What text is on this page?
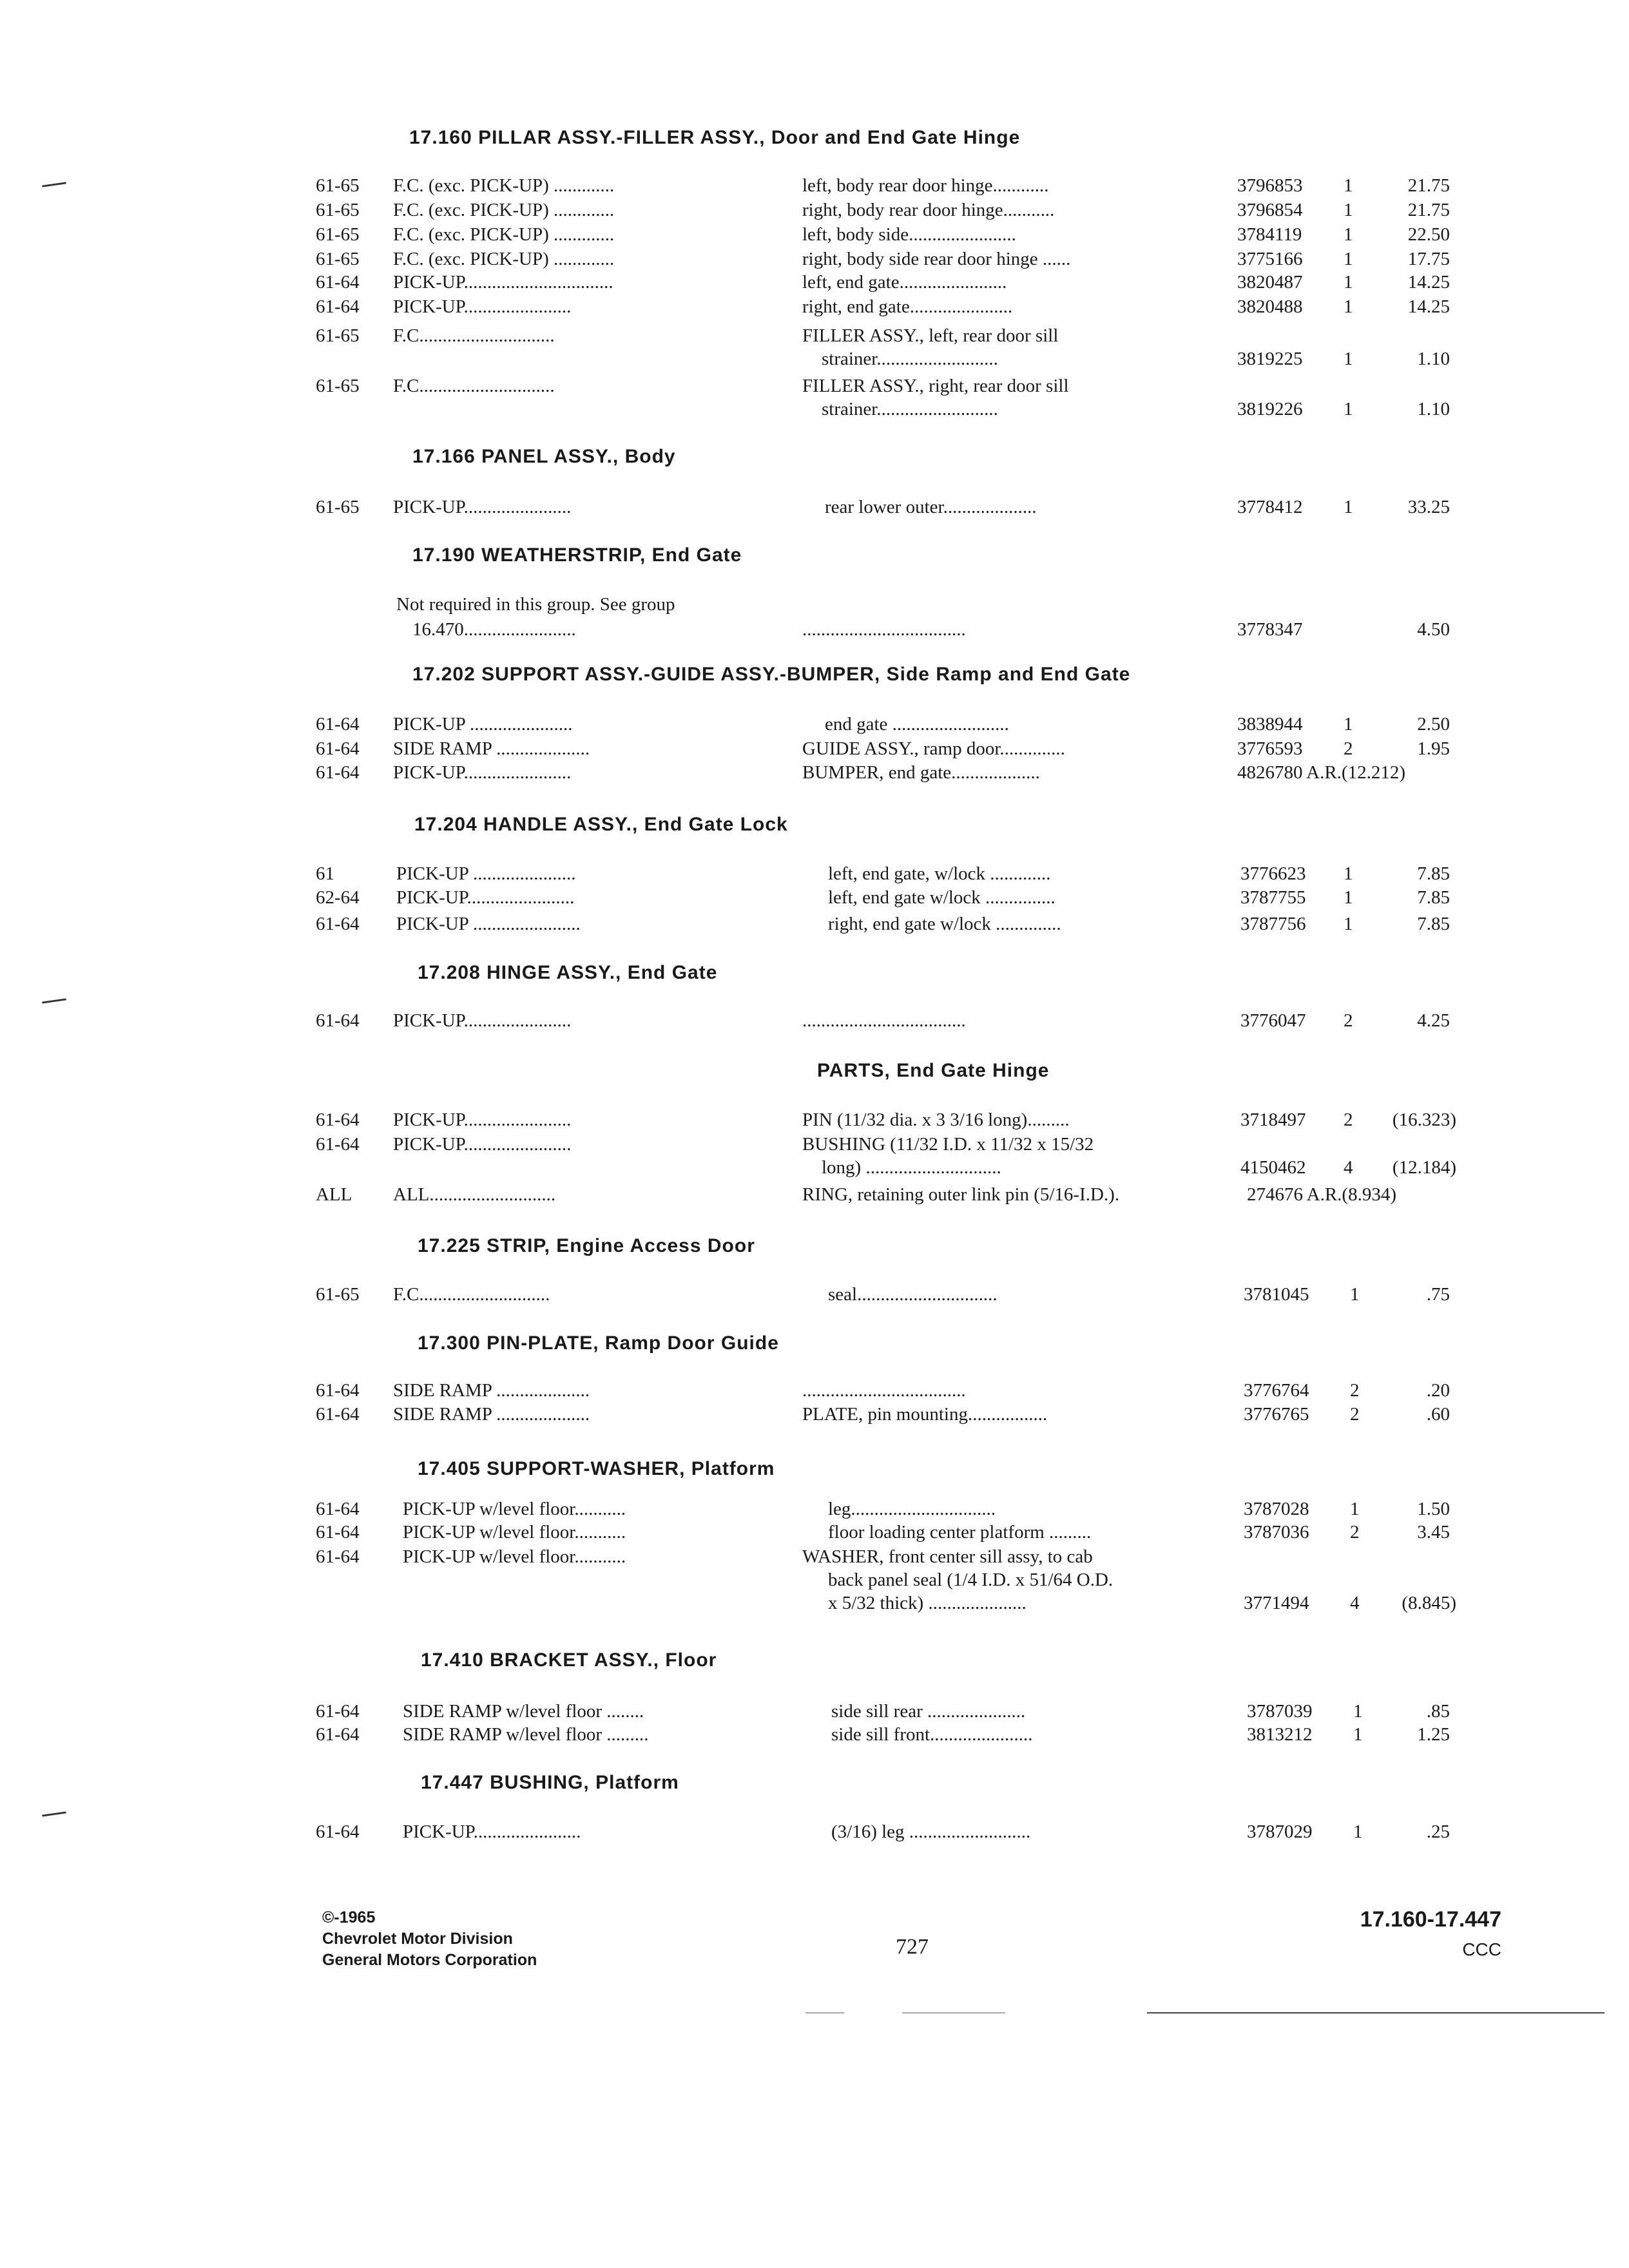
17.160 PILLAR ASSY.-FILLER ASSY., Door and End Gate Hinge
17.166 PANEL ASSY., Body
17.190 WEATHERSTRIP, End Gate
17.202 SUPPORT ASSY.-GUIDE ASSY.-BUMPER, Side Ramp and End Gate
17.204 HANDLE ASSY., End Gate Lock
17.208 HINGE ASSY., End Gate
PARTS, End Gate Hinge
17.225 STRIP, Engine Access Door
17.300 PIN-PLATE, Ramp Door Guide
17.405 SUPPORT-WASHER, Platform
17.410 BRACKET ASSY., Floor
17.447 BUSHING, Platform
61-65 F.C. (exc. PICK-UP) .............	left, body rear door hinge............	3796853 1	21.75
61-65 F.C. (exc. PICK-UP) .............	right, body rear door hinge...........	3796854 1	21.75
61-65 F.C. (exc. PICK-UP) .............	left, body side.......................	3784119 1	22.50
61-65 F.C. (exc. PICK-UP) .............	right, body side rear door hinge ......	3775166 1	17.75
61-64 PICK-UP................................	left, end gate.......................	3820487 1	14.25
61-64 PICK-UP.......................	right, end gate......................	3820488 1	14.25
61-65 F.C.............................	FILLER ASSY., left, rear door sill
strainer..........................	3819225 1	1.10
61-65 F.C.............................	FILLER ASSY., right, rear door sill
strainer..........................	3819226 1	1.10
61-65 PICK-UP.......................	rear lower outer....................	3778412 1	33.25
Not required in this group. See group
16.470........................	...................................	3778347	4.50
61-64 PICK-UP ......................	end gate .........................	3838944 1	2.50
61-64 SIDE RAMP ....................	GUIDE ASSY., ramp door..............	3776593 2	1.95
61-64 PICK-UP.......................	BUMPER, end gate...................	4826780 A.R.(12.212)
61	PICK-UP ......................	left, end gate, w/lock .............	3776623 1	7.85
62-64 PICK-UP.......................	left, end gate w/lock ...............	3787755 1	7.85
61-64 PICK-UP .......................	right, end gate w/lock ..............	3787756 1	7.85
61-64 PICK-UP.......................	...................................	3776047 2	4.25
61-64 PICK-UP.......................	PIN (11/32 dia. x 3 3/16 long).........	3718497 2	(16.323)
61-64 PICK-UP.......................	BUSHING (11/32 I.D. x 11/32 x 15/32
long) .............................	4150462 4	(12.184)
ALL ALL...........................	RING, retaining outer link pin (5/16-I.D.).	274676 A.R.(8.934)
61-65 F.C............................	seal..............................	3781045 1	.75
61-64 SIDE RAMP ....................	...................................	3776764 2	.20
61-64 SIDE RAMP ....................	PLATE, pin mounting.................	3776765 2	.60
61-64 PICK-UP w/level floor...........	leg...............................	3787028 1	1.50
61-64 PICK-UP w/level floor...........	floor loading center platform .........	3787036 2	3.45
61-64 PICK-UP w/level floor...........	WASHER, front center sill assy, to cab
back panel seal (1/4 I.D. x 51/64 O.D.
x 5/32 thick) .....................	3771494 4	(8.845)
61-64 SIDE RAMP w/level floor ........	side sill rear .....................	3787039 1	.85
61-64 SIDE RAMP w/level floor .........	side sill front......................	3813212 1	1.25
61-64 PICK-UP.......................	(3/16) leg ..........................	3787029 1	.25
©-1965
Chevrolet Motor Division
General Motors Corporation
727
17.160-17.447
CCC
